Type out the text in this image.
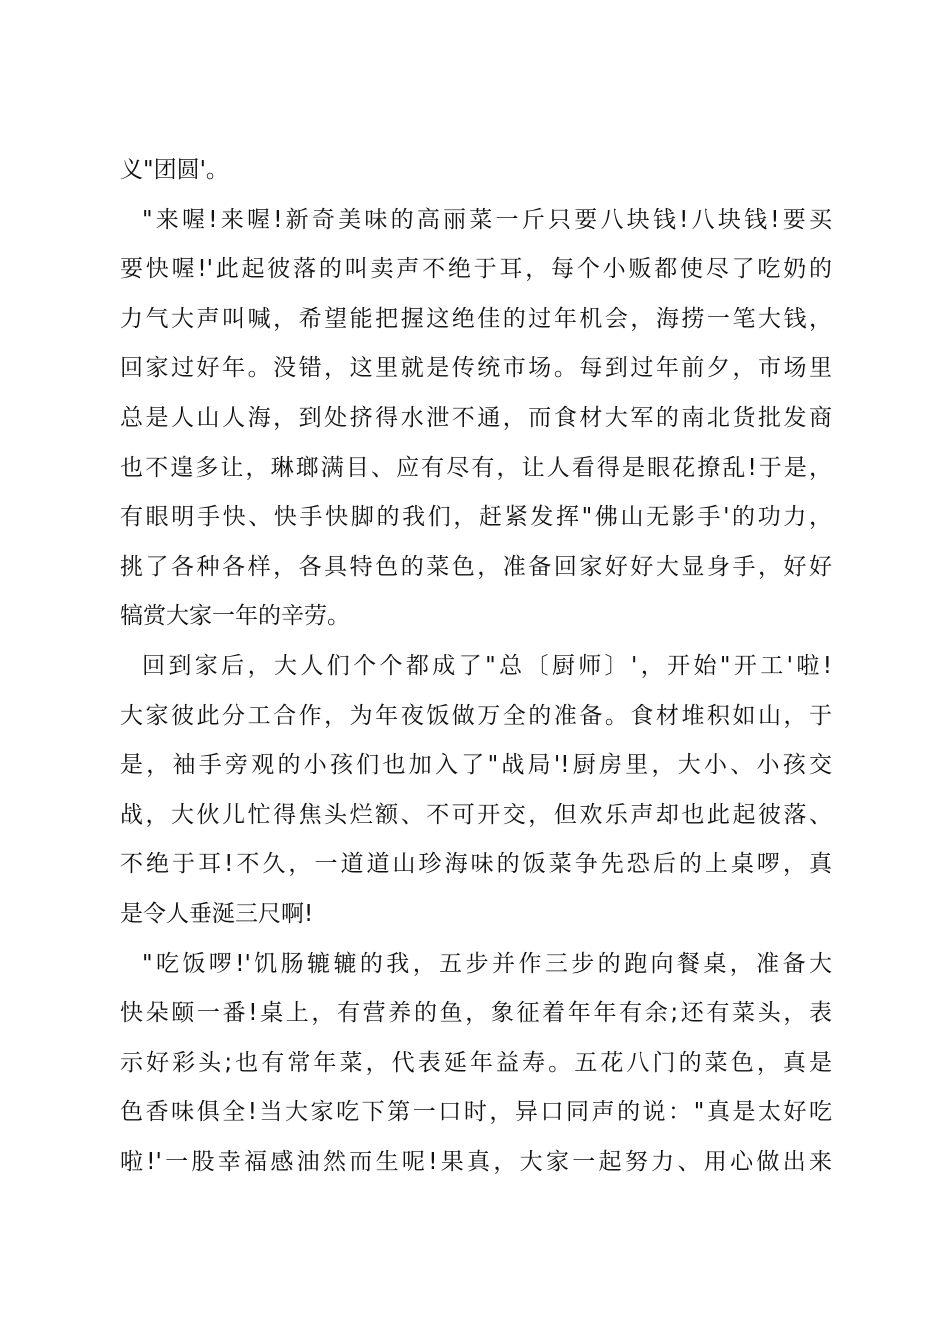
义"团圆'。
"来喔!来喔!新奇美味的高丽菜一斤只要八块钱!八块钱!要买
要快喔!'此起彼落的叫卖声不绝于耳，每个小贩都使尽了吃奶的
力气大声叫喊，希望能把握这绝佳的过年机会，海捞一笔大钱，
回家过好年。没错，这里就是传统市场。每到过年前夕，市场里
总是人山人海，到处挤得水泄不通，而食材大军的南北货批发商
也不遑多让，琳瑯满目、应有尽有，让人看得是眼花撩乱!于是，
有眼明手快、快手快脚的我们，赶紧发挥"佛山无影手'的功力，
挑了各种各样，各具特色的菜色，准备回家好好大显身手，好好
犒赏大家一年的辛劳。
回到家后，大人们个个都成了"总〔厨师〕'，开始"开工'啦!
大家彼此分工合作，为年夜饭做万全的准备。食材堆积如山，于
是，袖手旁观的小孩们也加入了"战局'!厨房里，大小、小孩交
战，大伙儿忙得焦头烂额、不可开交，但欢乐声却也此起彼落、
不绝于耳!不久，一道道山珍海味的饭菜争先恐后的上桌啰，真
是令人垂涎三尺啊!
"吃饭啰!'饥肠辘辘的我，五步并作三步的跑向餐桌，准备大
快朵颐一番!桌上，有营养的鱼，象征着年年有余;还有菜头，表
示好彩头;也有常年菜，代表延年益寿。五花八门的菜色，真是
色香味俱全!当大家吃下第一口时，异口同声的说："真是太好吃
啦!'一股幸福感油然而生呢!果真，大家一起努力、用心做出来
